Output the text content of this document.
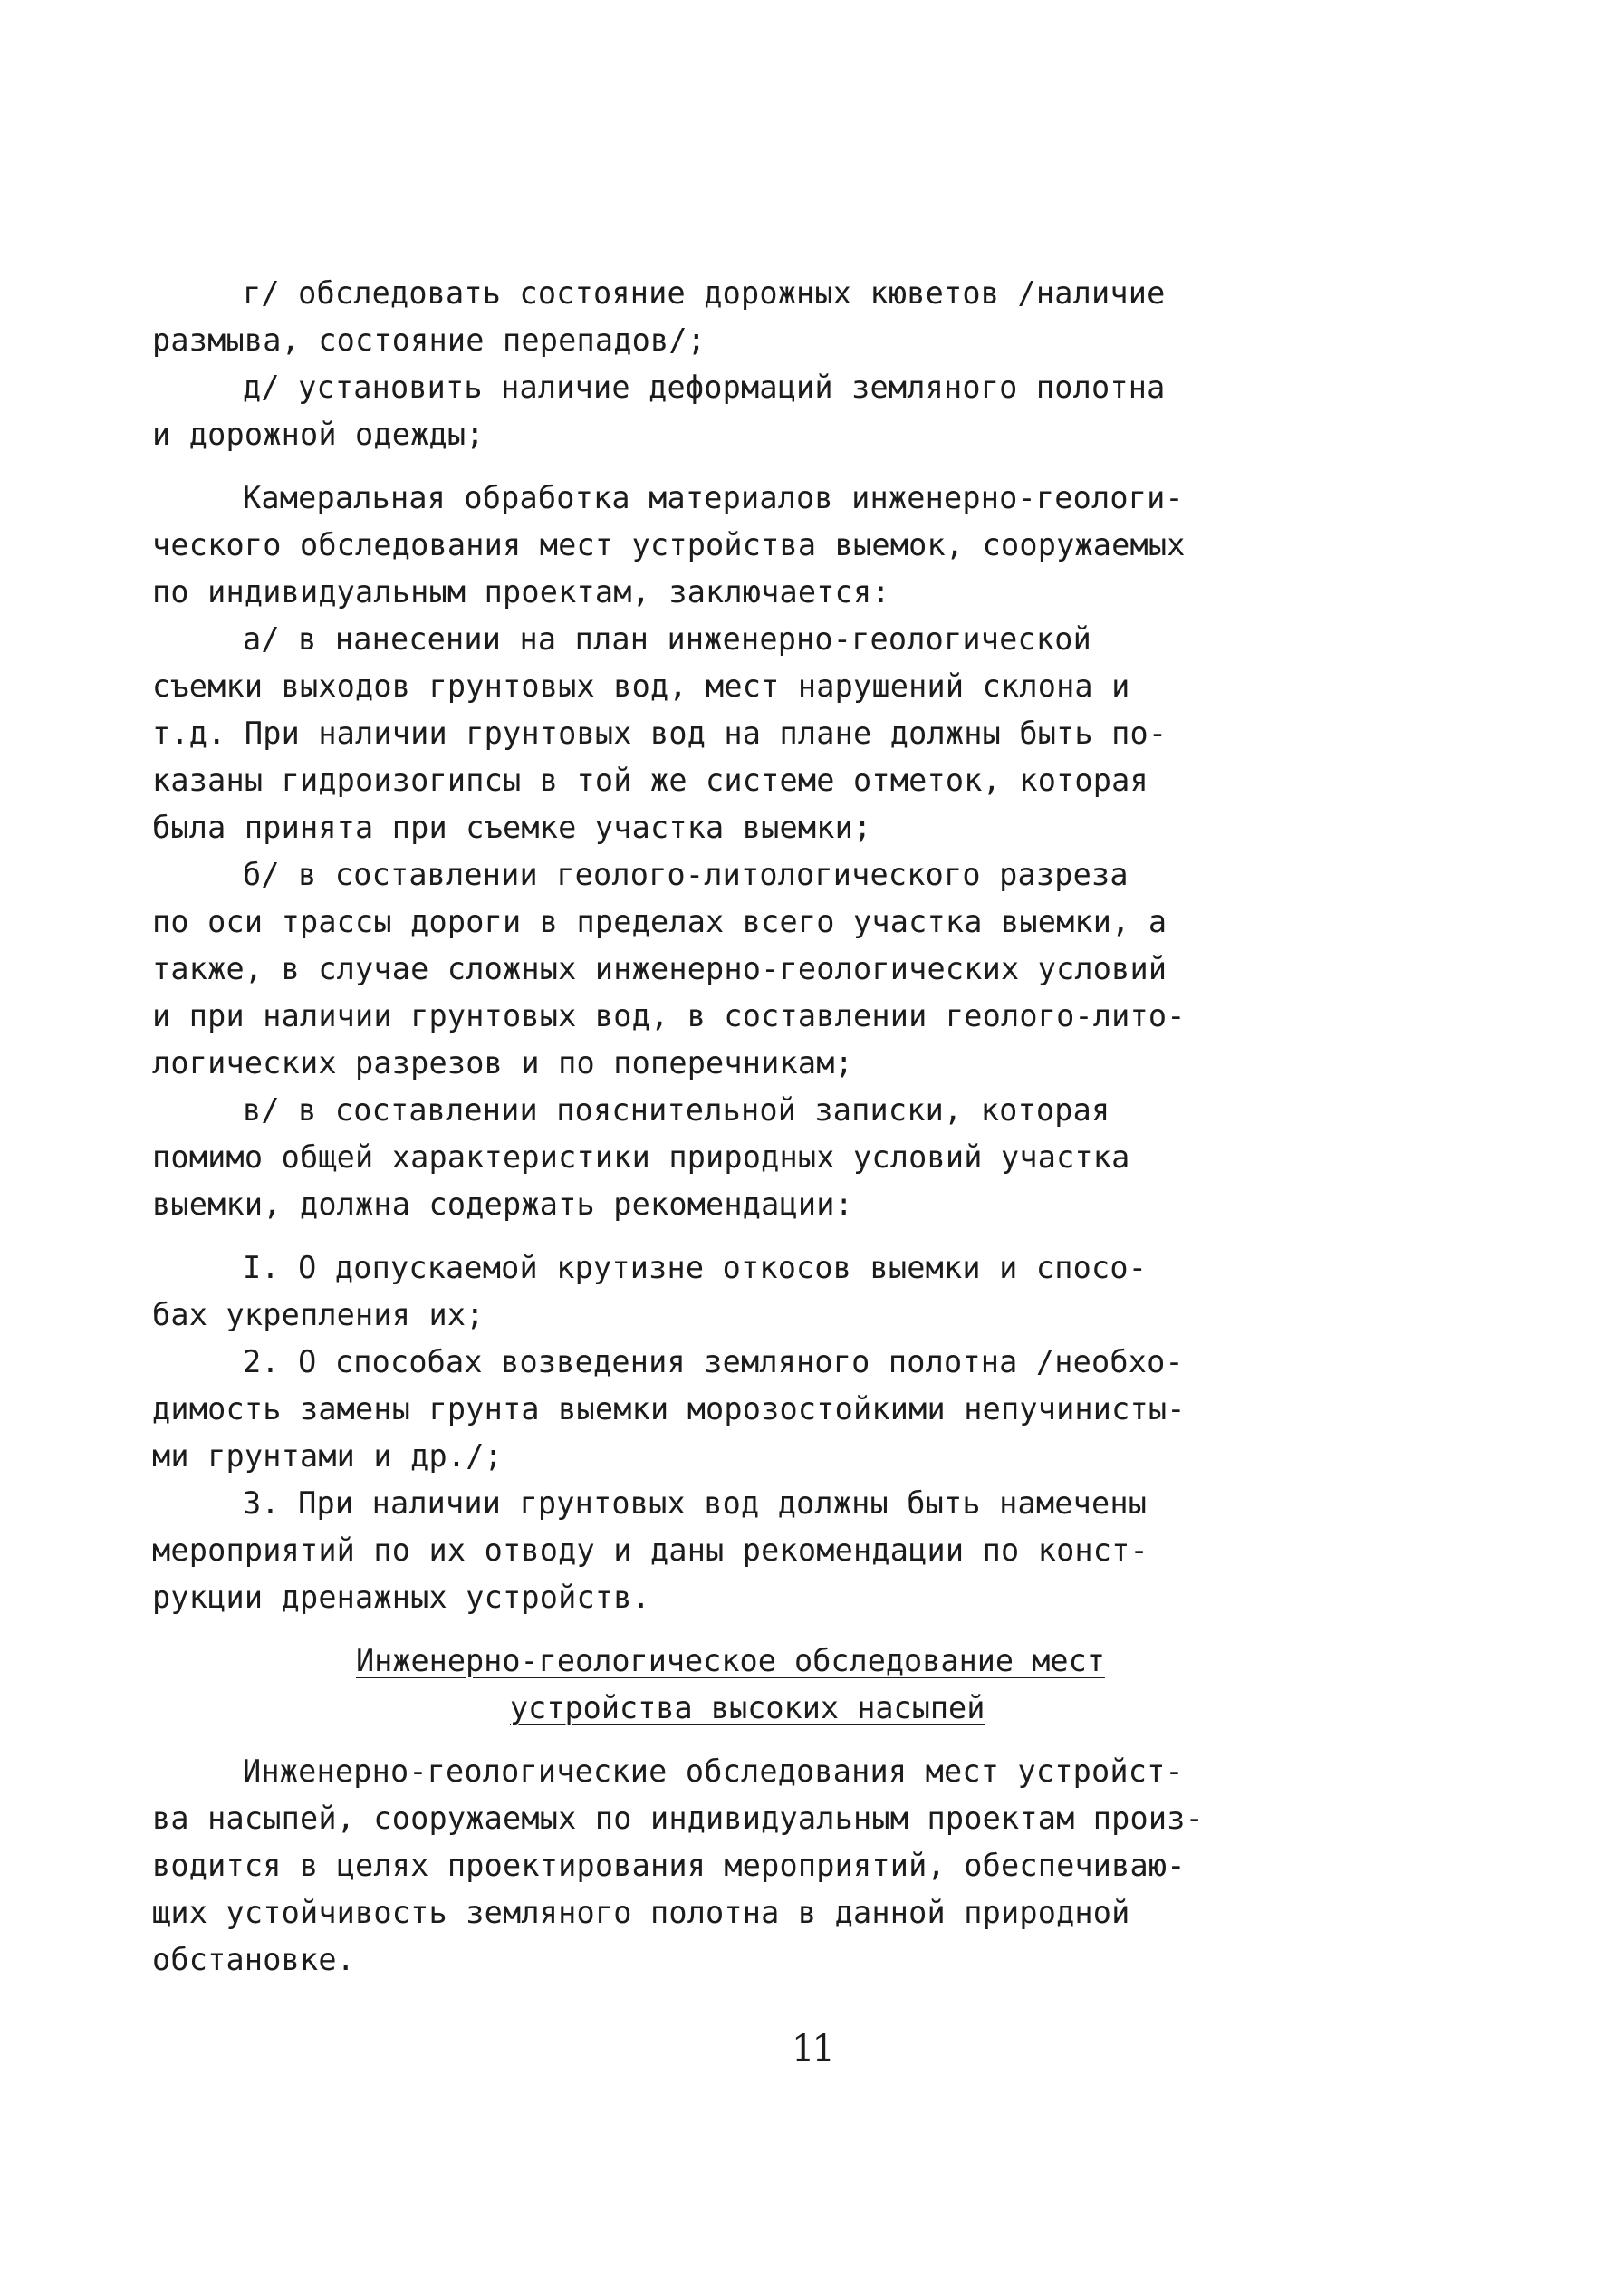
г/ обследовать состояние дорожных кюветов /наличие
размыва, состояние перепадов/;
д/ установить наличие деформаций земляного полотна
и дорожной одежды;
Камеральная обработка материалов инженерно-геологи-
ческого обследования мест устройства выемок, сооружаемых
по индивидуальным проектам, заключается:
а/ в нанесении на план инженерно-геологической
съемки выходов грунтовых вод, мест нарушений склона и
т.д. При наличии грунтовых вод на плане должны быть по-
казаны гидроизогипсы в той же системе отметок, которая
была принята при съемке участка выемки;
б/ в составлении геолого-литологического разреза
по оси трассы дороги в пределах всего участка выемки, а
также, в случае сложных инженерно-геологических условий
и при наличии грунтовых вод, в составлении геолого-лито-
логических разрезов и по поперечникам;
в/ в составлении пояснительной записки, которая
помимо общей характеристики природных условий участка
выемки, должна содержать рекомендации:
I. О допускаемой крутизне откосов выемки и спосо-
бах укрепления их;
2. О способах возведения земляного полотна /необхо-
димость замены грунта выемки морозостойкими непучинисты-
ми грунтами и др./;
3. При наличии грунтовых вод должны быть намечены
мероприятий по их отводу и даны рекомендации по конст-
рукции дренажных устройств.
Инженерно-геологическое обследование мест
устройства высоких насыпей
Инженерно-геологические обследования мест устройст-
ва насыпей, сооружаемых по индивидуальным проектам произ-
водится в целях проектирования мероприятий, обеспечиваю-
щих устойчивость земляного полотна в данной природной
обстановке.
11
